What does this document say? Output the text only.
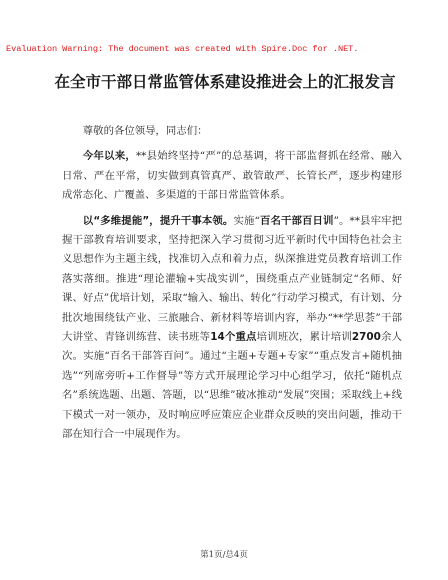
Evaluation Warning: The document was created with Spire.Doc for .NET.
在全市干部日常监管体系建设推进会上的汇报发言

尊敬的各位领导，同志们：

今年以来，**县始终坚持“严”的总基调，将干部监督抓在经常、融入日常、严在平常，切实做到真管真严、敢管敢严、长管长严，逐步构建形成常态化、广覆盖、多渠道的干部日常监管体系。

以“多维提能”，提升干事本领。实施“百名干部百日训”。**县牢牢把握干部教育培训要求，坚持把深入学习贯彻习近平新时代中国特色社会主义思想作为主题主线，找准切入点和着力点，纵深推进党员教育培训工作落实落细。推进“理论灌输+实战实训”，围绕重点产业链制定“名师、好课、好点”优培计划，采取“输入、输出、转化”行动学习模式，有计划、分批次地围绕钛产业、三旅融合、新材料等培训内容，举办“**学思荟”干部大讲堂、青锋训练营、读书班等14个重点培训班次，累计培训2700余人次。实施“百名干部答百问”。通过“主题+专题+专家”“重点发言+随机抽选”“列席旁听+工作督导”等方式开展理论学习中心组学习，依托“随机点名”系统选题、出题、答题，以“思维”破冰推动“发展”突围；采取线上+线下模式一对一领办，及时响应呼应策应企业群众反映的突出问题，推动干部在知行合一中展现作为。

第1页/总4页
